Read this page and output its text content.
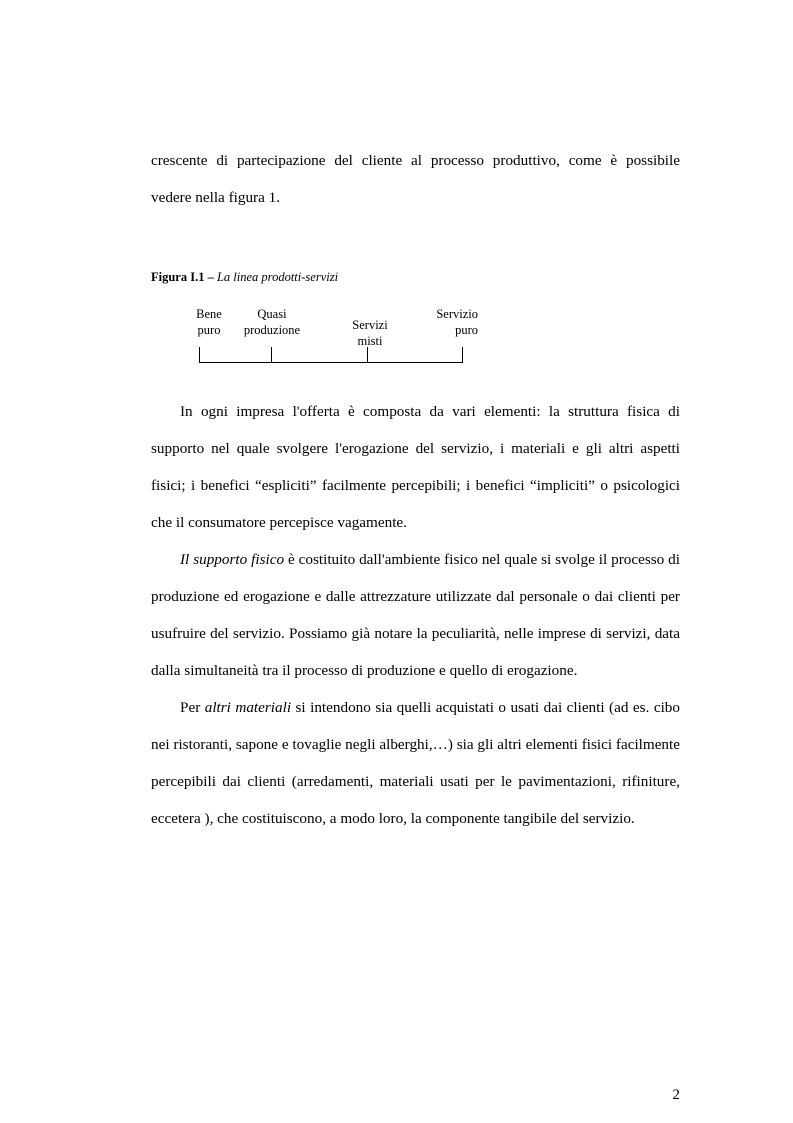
crescente di partecipazione del cliente al processo produttivo, come è possibile

vedere nella figura 1.

Figura I.1 – La linea prodotti-servizi
Bene
puro
Quasi
produzione	Servizi
misti
Servizio
puro

In ogni impresa l'offerta è composta da vari elementi: la struttura fisica di supporto nel quale svolgere l'erogazione del servizio, i materiali e gli altri aspetti fisici; i benefici “espliciti” facilmente percepibili; i benefici “impliciti” o psicologici che il consumatore percepisce vagamente.

Il supporto fisico è costituito dall'ambiente fisico nel quale si svolge il processo di produzione ed erogazione e dalle attrezzature utilizzate dal personale o dai clienti per usufruire del servizio. Possiamo già notare la peculiarità, nelle imprese di servizi, data dalla simultaneità tra il processo di produzione e quello di erogazione.

Per altri materiali si intendono sia quelli acquistati o usati dai clienti (ad es. cibo nei ristoranti, sapone e tovaglie negli alberghi,…) sia gli altri elementi fisici facilmente percepibili dai clienti (arredamenti, materiali usati per le pavimentazioni, rifiniture, eccetera ), che costituiscono, a modo loro, la componente tangibile del servizio.

2
